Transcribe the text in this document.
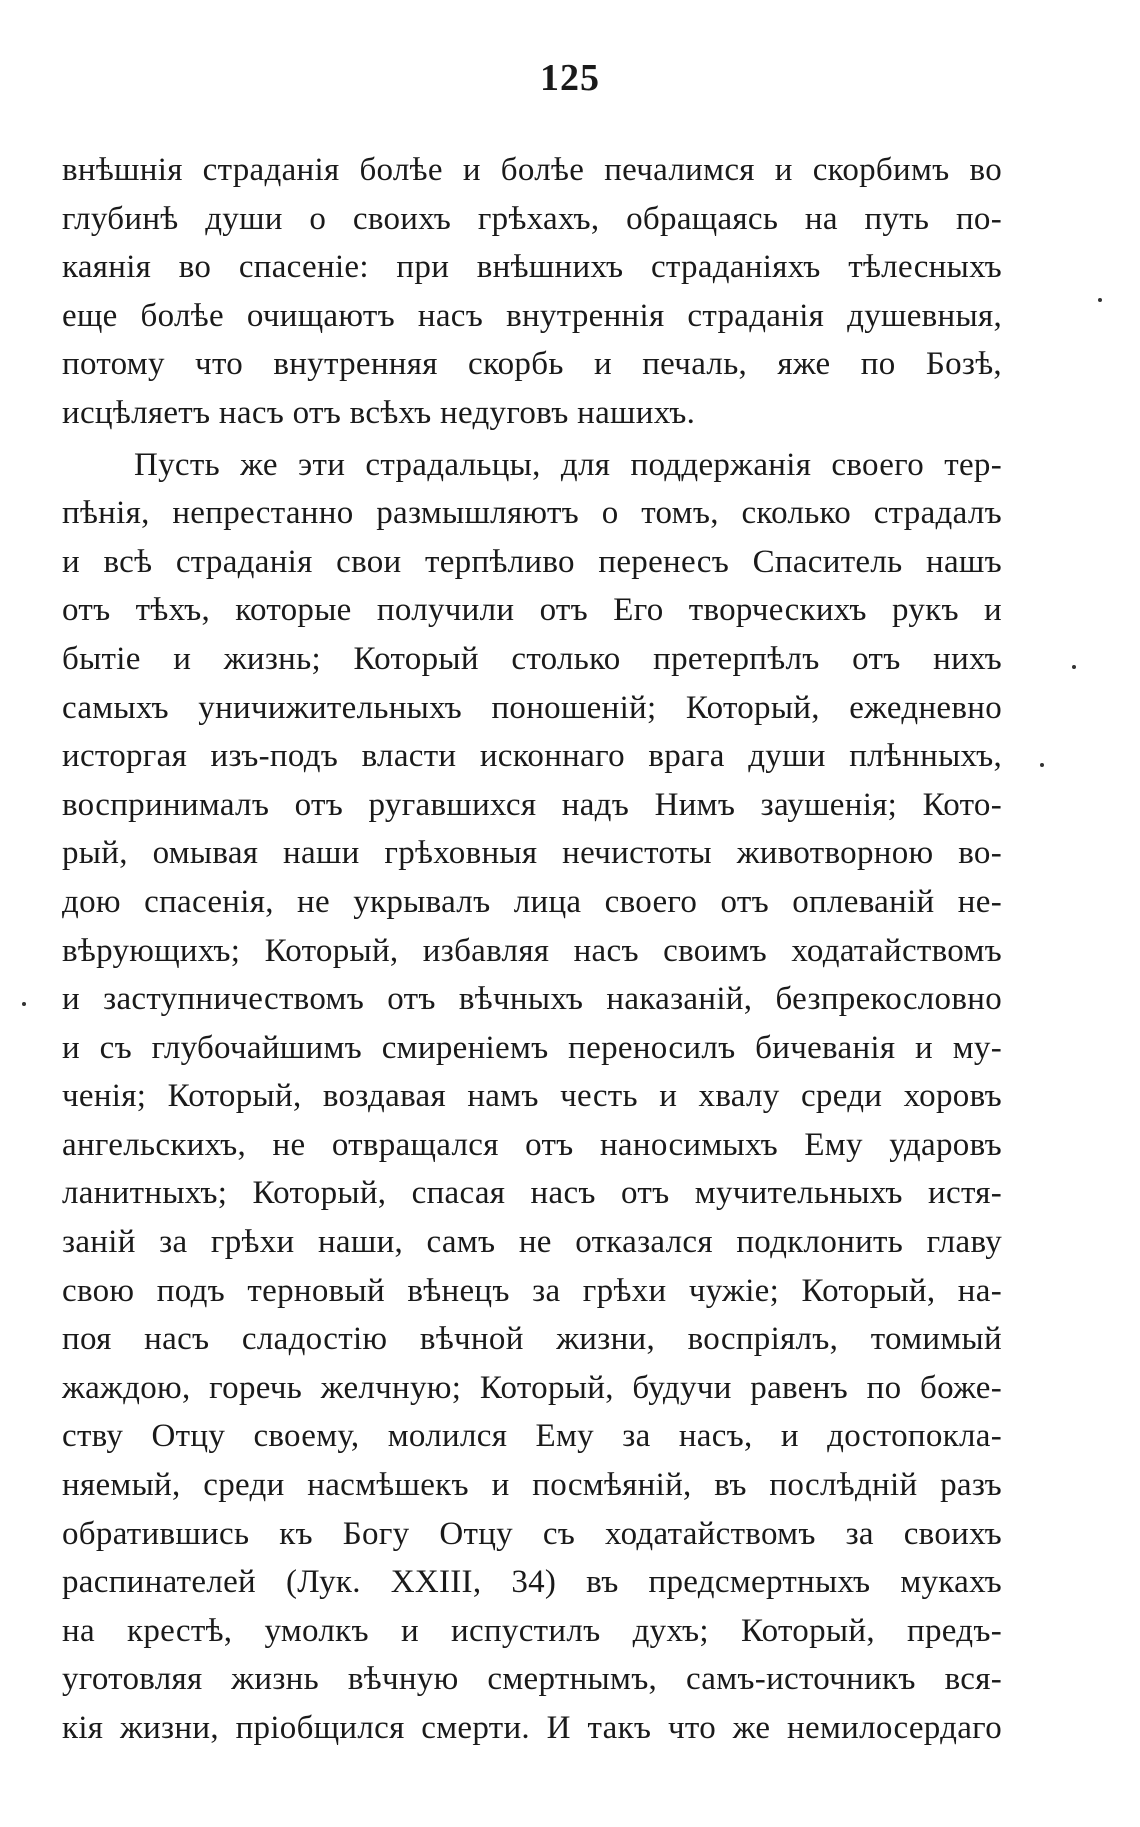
125
внѣшнія страданія болѣе и болѣе печалимся и скорбимъ во
глубинѣ души о своихъ грѣхахъ, обращаясь на путь по-
каянія во спасеніе: при внѣшнихъ страданіяхъ тѣлесныхъ
еще болѣе очищаютъ насъ внутреннія страданія душевныя,
потому что внутренняя скорбь и печаль, яже по Бозѣ,
исцѣляетъ насъ отъ всѣхъ недуговъ нашихъ.
Пусть же эти страдальцы, для поддержанія своего тер-
пѣнія, непрестанно размышляютъ о томъ, сколько страдалъ
и всѣ страданія свои терпѣливо перенесъ Спаситель нашъ
отъ тѣхъ, которые получили отъ Его творческихъ рукъ и
бытіе и жизнь; Который столько претерпѣлъ отъ нихъ
самыхъ уничижительныхъ поношеній; Который, ежедневно
исторгая изъ-подъ власти исконнаго врага души плѣнныхъ,
воспринималъ отъ ругавшихся надъ Нимъ заушенія; Кото-
рый, омывая наши грѣховныя нечистоты животворною во-
дою спасенія, не укрывалъ лица своего отъ оплеваній не-
вѣрующихъ; Который, избавляя насъ своимъ ходатайствомъ
и заступничествомъ отъ вѣчныхъ наказаній, безпрекословно
и съ глубочайшимъ смиреніемъ переносилъ бичеванія и му-
ченія; Который, воздавая намъ честь и хвалу среди хоровъ
ангельскихъ, не отвращался отъ наносимыхъ Ему ударовъ
ланитныхъ; Который, спасая насъ отъ мучительныхъ истя-
заній за грѣхи наши, самъ не отказался подклонить главу
свою подъ терновый вѣнецъ за грѣхи чужіе; Который, на-
поя насъ сладостію вѣчной жизни, воспріялъ, томимый
жаждою, горечь желчную; Который, будучи равенъ по боже-
ству Отцу своему, молился Ему за насъ, и достопокла-
няемый, среди насмѣшекъ и посмѣяній, въ послѣдній разъ
обратившись къ Богу Отцу съ ходатайствомъ за своихъ
распинателей (Лук. XXIII, 34) въ предсмертныхъ мукахъ
на крестѣ, умолкъ и испустилъ духъ; Который, предъ-
уготовляя жизнь вѣчную смертнымъ, самъ-источникъ вся-
кія жизни, пріобщился смерти. И такъ что же немилосердаго
